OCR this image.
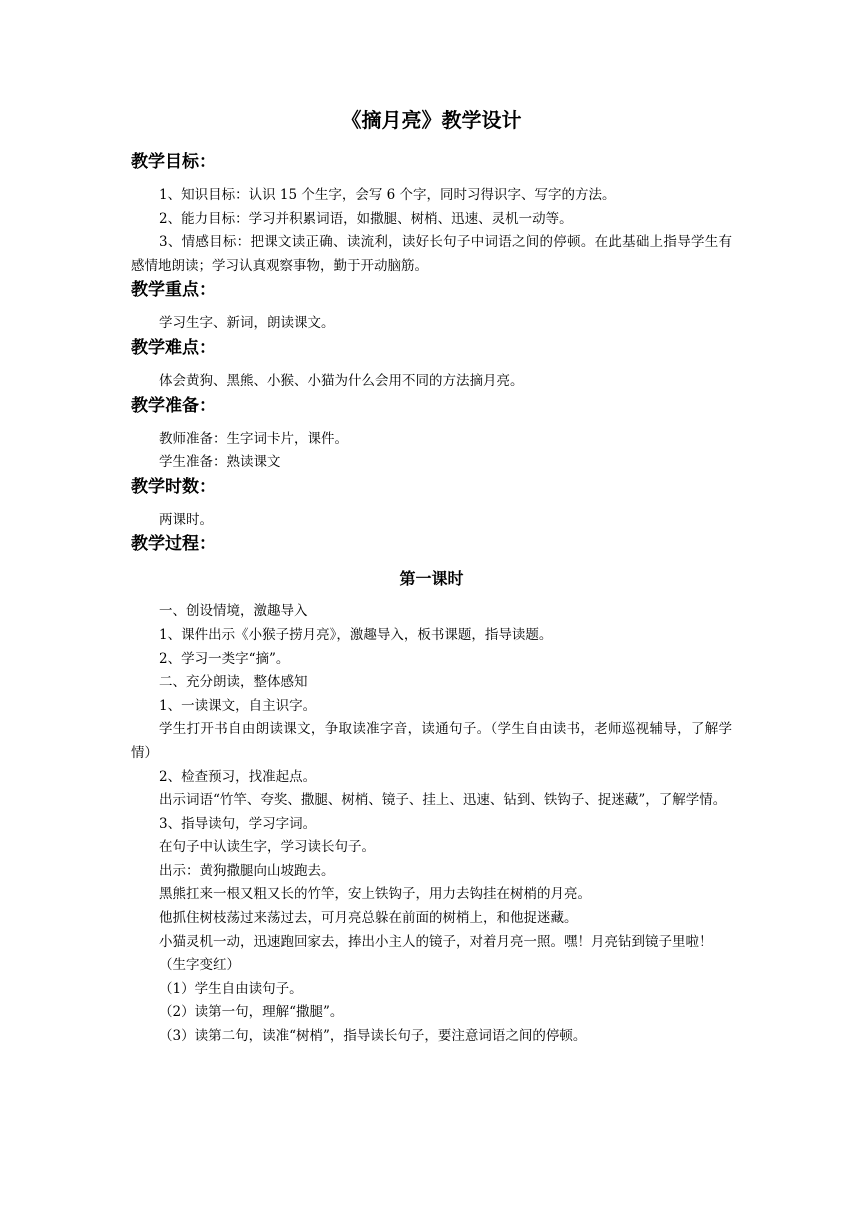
《摘月亮》教学设计
教学目标：

1、知识目标：认识 15 个生字，会写 6 个字，同时习得识字、写字的方法。

2、能力目标：学习并积累词语，如撒腿、树梢、迅速、灵机一动等。

3、情感目标：把课文读正确、读流利，读好长句子中词语之间的停顿。在此基础上指导学生有感情地朗读；学习认真观察事物，勤于开动脑筋。

教学重点：

学习生字、新词，朗读课文。

教学难点：

体会黄狗、黑熊、小猴、小猫为什么会用不同的方法摘月亮。

教学准备：

教师准备：生字词卡片，课件。

学生准备：熟读课文

教学时数：

两课时。

教学过程：
第一课时

一、创设情境，激趣导入

1、课件出示《小猴子捞月亮》，激趣导入，板书课题，指导读题。

2、学习一类字“摘”。

二、充分朗读，整体感知

1、一读课文，自主识字。

学生打开书自由朗读课文，争取读准字音，读通句子。（学生自由读书，老师巡视辅导，了解学情）

2、检查预习，找准起点。

出示词语“竹竿、夸奖、撒腿、树梢、镜子、挂上、迅速、钻到、铁钩子、捉迷藏”，了解学情。

3、指导读句，学习字词。

在句子中认读生字，学习读长句子。

出示：黄狗撒腿向山坡跑去。

黑熊扛来一根又粗又长的竹竿，安上铁钩子，用力去钩挂在树梢的月亮。

他抓住树枝荡过来荡过去，可月亮总躲在前面的树梢上，和他捉迷藏。

小猫灵机一动，迅速跑回家去，捧出小主人的镜子，对着月亮一照。嘿！月亮钻到镜子里啦！

（生字变红）

（1）学生自由读句子。

（2）读第一句，理解“撒腿”。

（3）读第二句，读准“树梢”，指导读长句子，要注意词语之间的停顿。
